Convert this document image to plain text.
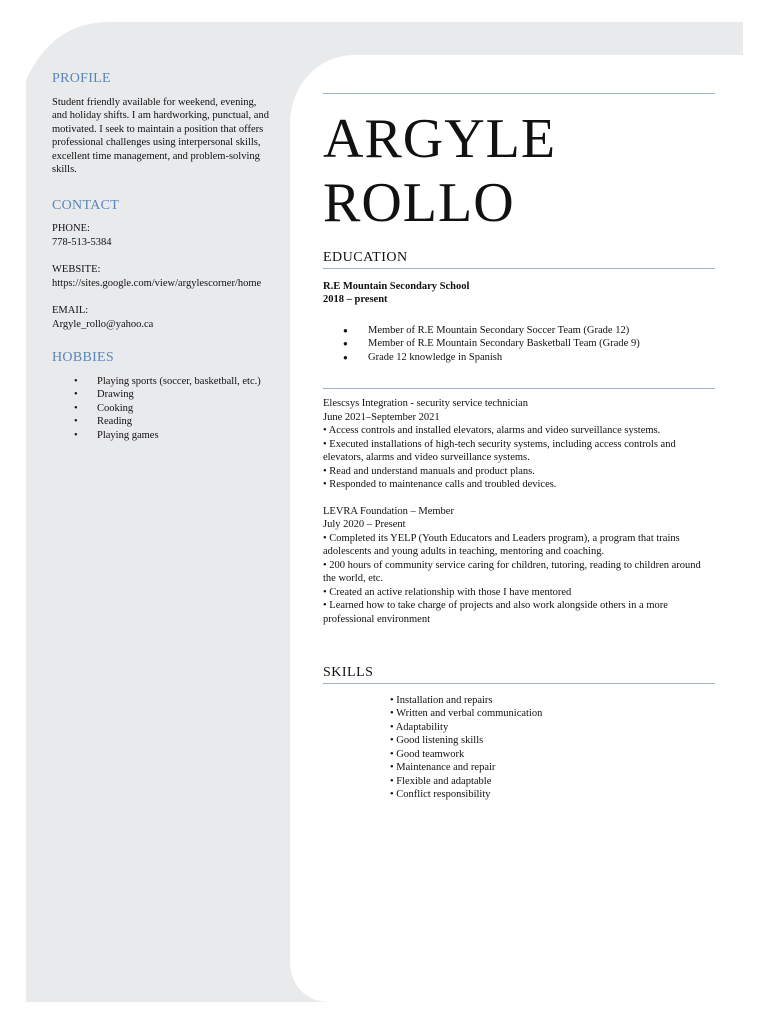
PROFILE

Student friendly available for weekend, evening, and holiday shifts. I am hardworking, punctual, and motivated. I seek to maintain a position that offers professional challenges using interpersonal skills, excellent time management, and problem-solving skills.

CONTACT
PHONE:
778-513-5384
WEBSITE:
https://sites.google.com/view/argylescorner/home
EMAIL:
Argyle_rollo@yahoo.ca
HOBBIES
• Playing sports (soccer, basketball, etc.)
• Drawing
• Cooking
• Reading
• Playing games
ARGYLE
ROLLO
EDUCATION
R.E Mountain Secondary School
2018 – present
● Member of R.E Mountain Secondary Soccer Team (Grade 12)
● Member of R.E Mountain Secondary Basketball Team (Grade 9)
● Grade 12 knowledge in Spanish
Elescsys Integration - security service technician
June 2021–September 2021
• Access controls and installed elevators, alarms and video surveillance systems.
• Executed installations of high-tech security systems, including access controls and elevators, alarms and video surveillance systems.
• Read and understand manuals and product plans.
• Responded to maintenance calls and troubled devices.
LEVRA Foundation – Member
July 2020 – Present
• Completed its YELP (Youth Educators and Leaders program), a program that trains adolescents and young adults in teaching, mentoring and coaching.
• 200 hours of community service caring for children, tutoring, reading to children around the world, etc.
• Created an active relationship with those I have mentored
• Learned how to take charge of projects and also work alongside others in a more professional environment
SKILLS
• Installation and repairs
• Written and verbal communication
• Adaptability
• Good listening skills
• Good teamwork
• Maintenance and repair
• Flexible and adaptable
• Conflict responsibility
